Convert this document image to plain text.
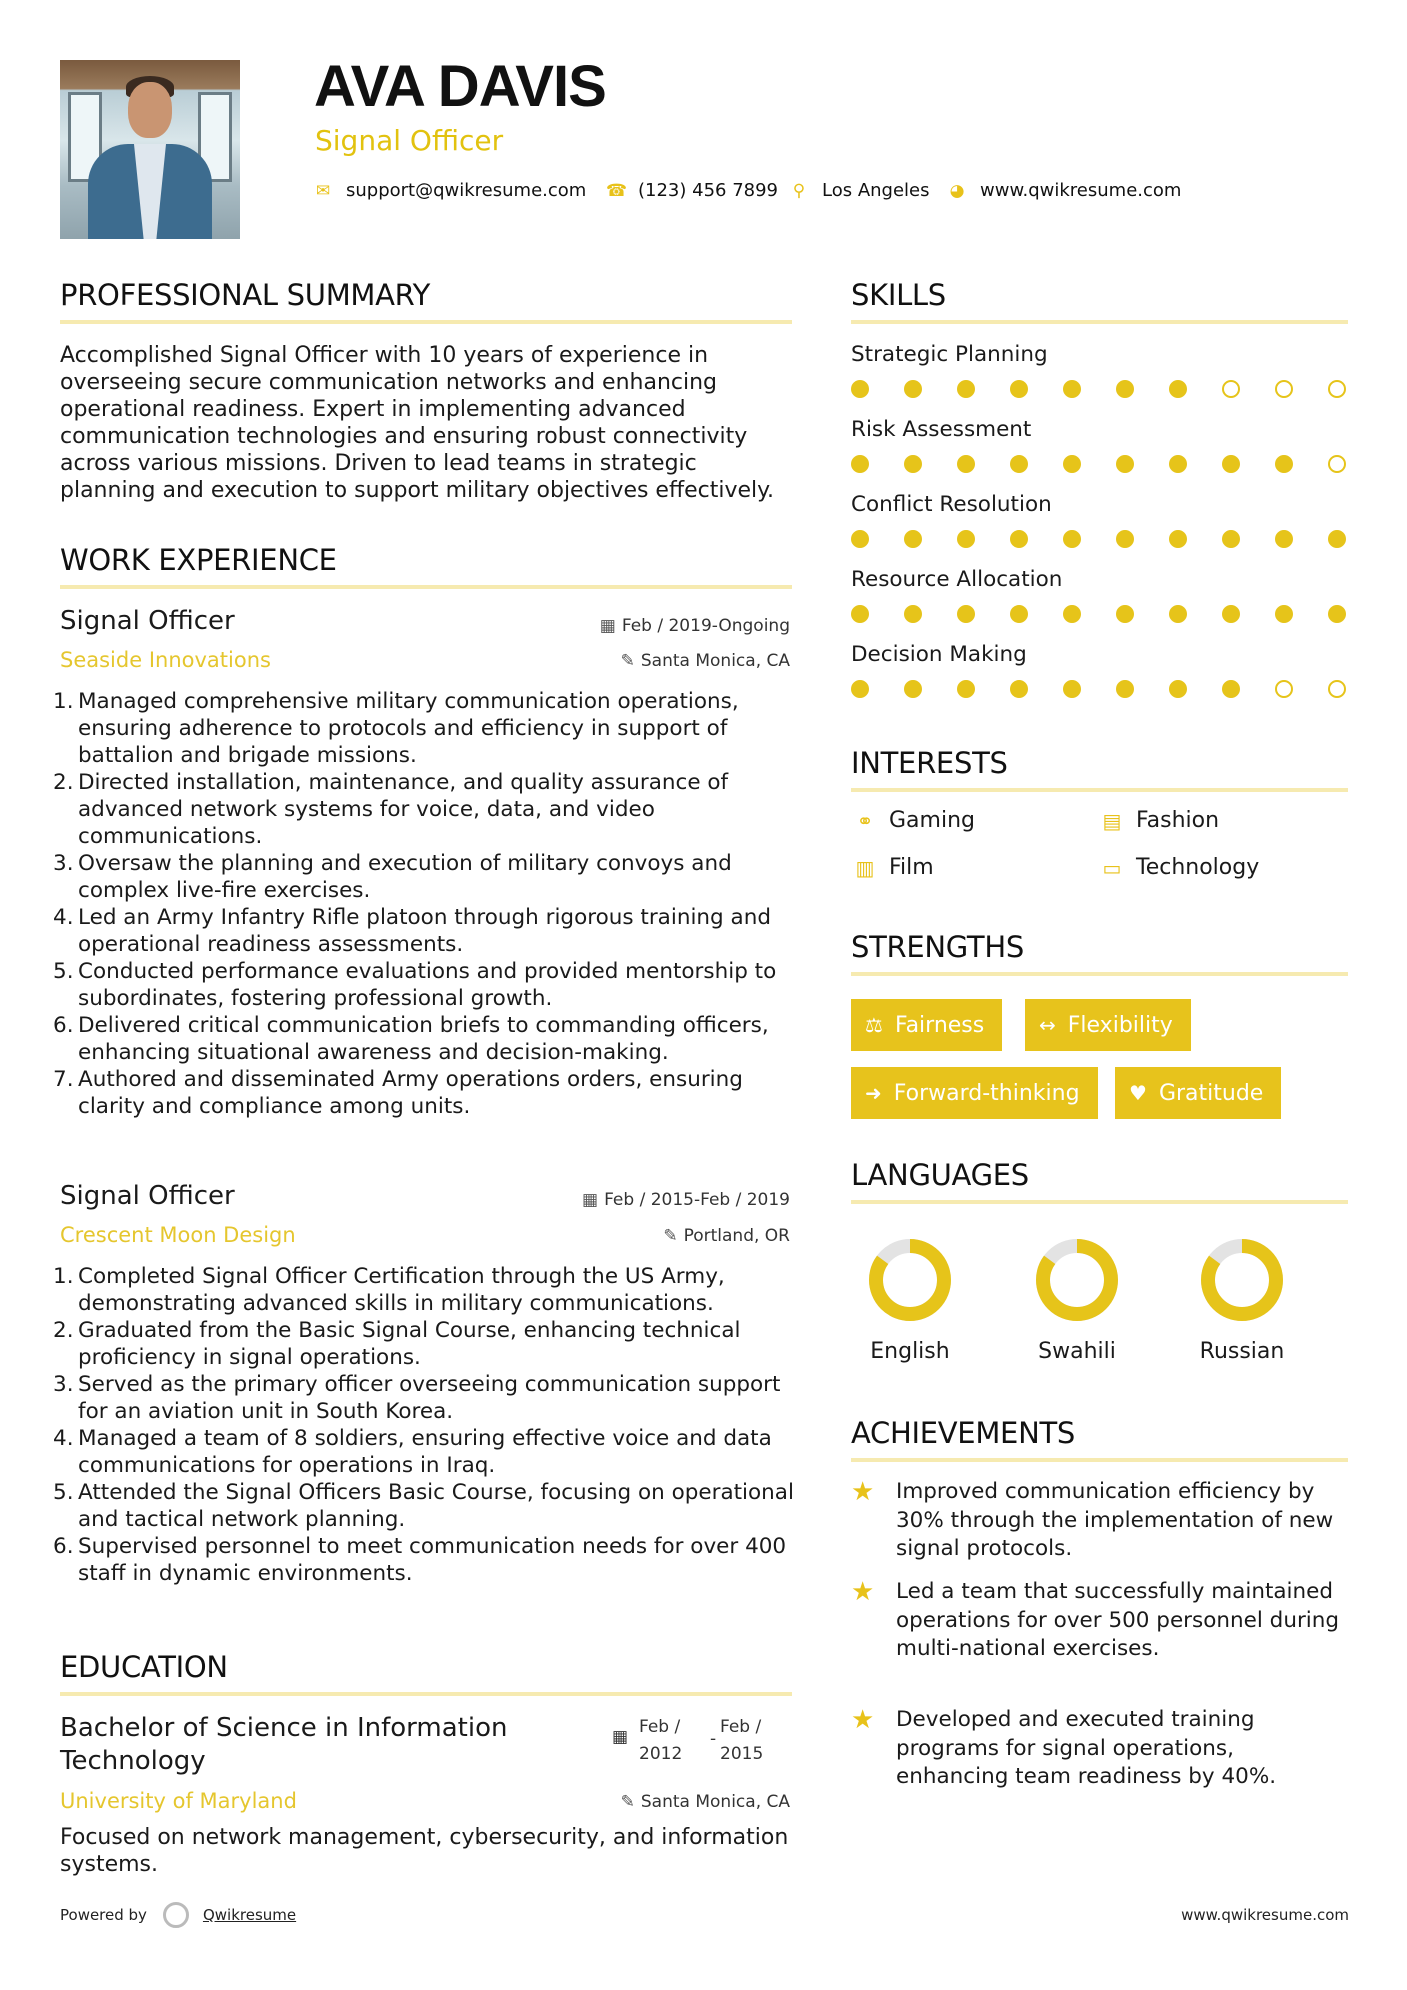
AVA DAVIS
Signal Officer
✉ support@qwikresume.com ☎ (123) 456 7899 ⚲ Los Angeles ◕ www.qwikresume.com
PROFESSIONAL SUMMARY
Accomplished Signal Officer with 10 years of experience in overseeing secure communication networks and enhancing operational readiness. Expert in implementing advanced communication technologies and ensuring robust connectivity across various missions. Driven to lead teams in strategic planning and execution to support military objectives effectively.
WORK EXPERIENCE
Signal Officer	▦ Feb / 2019-Ongoing
Seaside Innovations	✎ Santa Monica, CA
Managed comprehensive military communication operations, ensuring adherence to protocols and efficiency in support of battalion and brigade missions.
Directed installation, maintenance, and quality assurance of advanced network systems for voice, data, and video communications.
Oversaw the planning and execution of military convoys and complex live-fire exercises.
Led an Army Infantry Rifle platoon through rigorous training and operational readiness assessments.
Conducted performance evaluations and provided mentorship to subordinates, fostering professional growth.
Delivered critical communication briefs to commanding officers, enhancing situational awareness and decision-making.
Authored and disseminated Army operations orders, ensuring clarity and compliance among units.
Signal Officer	▦ Feb / 2015-Feb / 2019
Crescent Moon Design	✎ Portland, OR
Completed Signal Officer Certification through the US Army, demonstrating advanced skills in military communications.
Graduated from the Basic Signal Course, enhancing technical proficiency in signal operations.
Served as the primary officer overseeing communication support for an aviation unit in South Korea.
Managed a team of 8 soldiers, ensuring effective voice and data communications for operations in Iraq.
Attended the Signal Officers Basic Course, focusing on operational and tactical network planning.
Supervised personnel to meet communication needs for over 400 staff in dynamic environments.
EDUCATION
Bachelor of Science in Information Technology
▦ Feb /
2012
-
Feb /
2015
University of Maryland	✎ Santa Monica, CA
Focused on network management, cybersecurity, and information systems.
SKILLS
Strategic Planning
Risk Assessment
Conflict Resolution
Resource Allocation
Decision Making
INTERESTS
⚭ Gaming	▤ Fashion
▥ Film	▭ Technology
STRENGTHS
⚖ Fairness	↔ Flexibility
➜ Forward-thinking ♥ Gratitude
LANGUAGES
English	Swahili	Russian
ACHIEVEMENTS
★	Improved communication efficiency by 30% through the implementation of new signal protocols.
★	Led a team that successfully maintained operations for over 500 personnel during multi-national exercises.
★	Developed and executed training programs for signal operations, enhancing team readiness by 40%.
Powered by	Qwikresume	www.qwikresume.com
